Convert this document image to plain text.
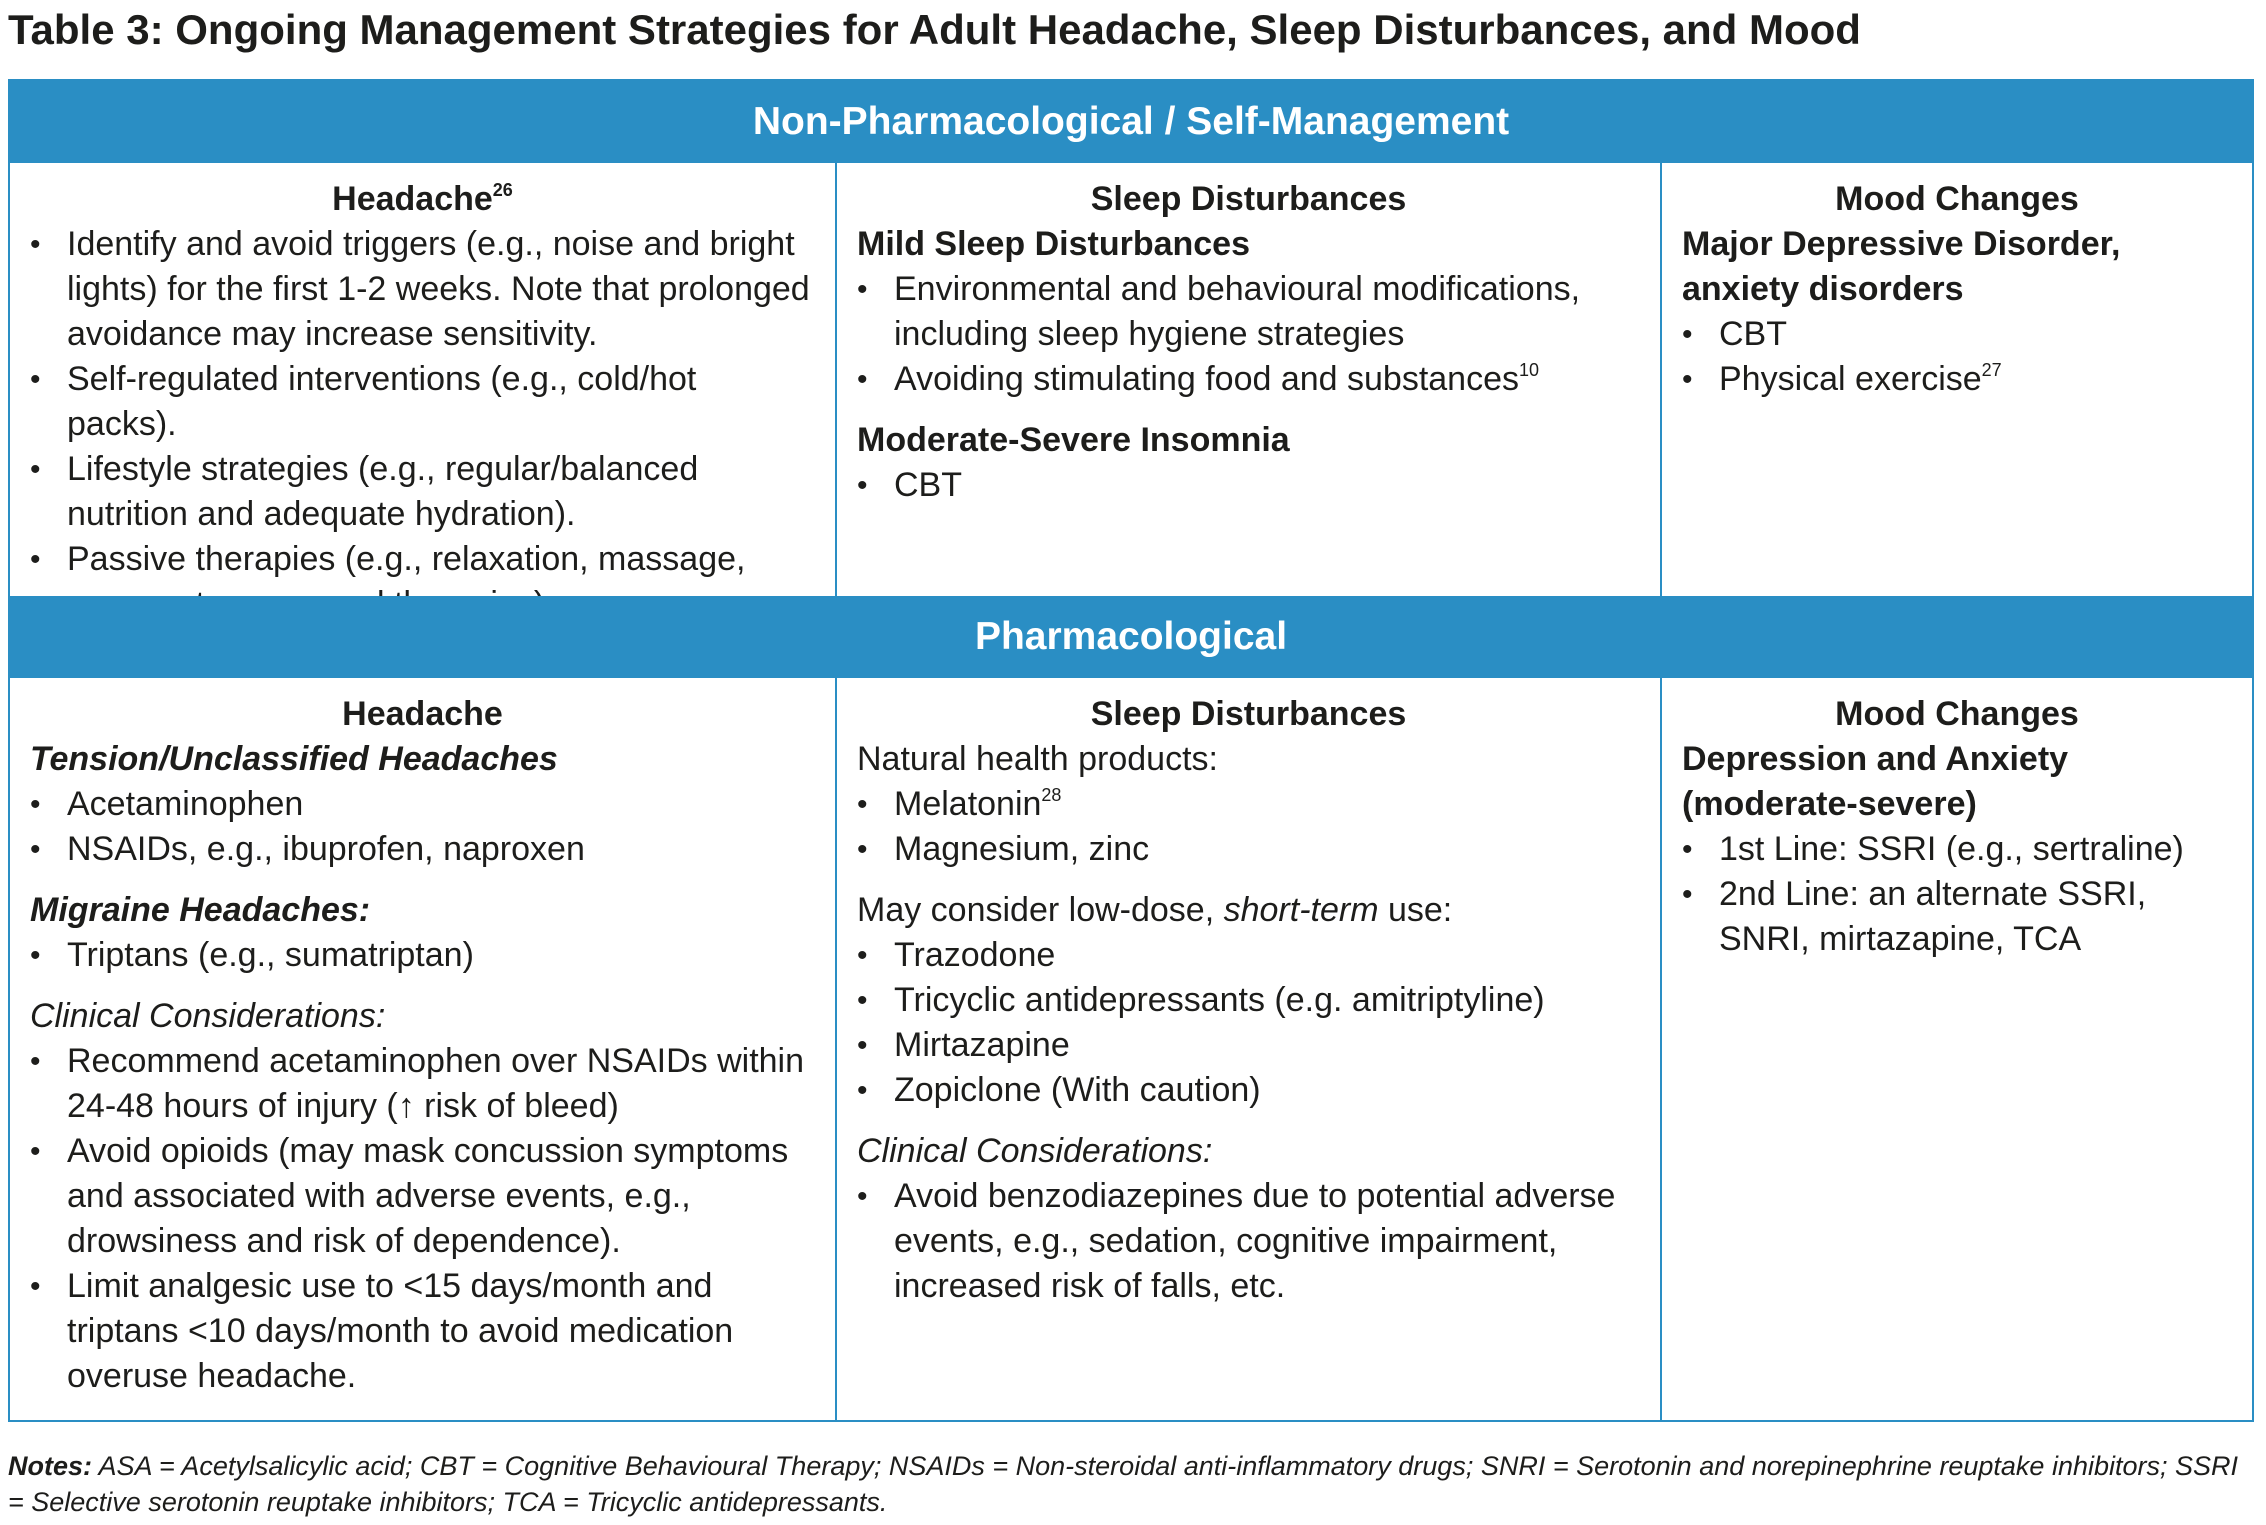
Table 3: Ongoing Management Strategies for Adult Headache, Sleep Disturbances, and Mood
Non-Pharmacological / Self-Management
Headache$^{26}$
• Identify and avoid triggers (e.g., noise and bright lights) for the first 1-2 weeks. Note that prolonged avoidance may increase sensitivity.
• Self-regulated interventions (e.g., cold/hot packs).
• Lifestyle strategies (e.g., regular/balanced nutrition and adequate hydration).
• Passive therapies (e.g., relaxation, massage,
Sleep Disturbances
Mild Sleep Disturbances
• Environmental and behavioural modifications, including sleep hygiene strategies
• Avoiding stimulating food and substances$^{10}$
Moderate-Severe Insomnia
• CBT
Mood Changes
Major Depressive Disorder, anxiety disorders
• CBT
• Physical exercise$^{27}$
Pharmacological
Headache
Tension/Unclassified Headaches
• Acetaminophen
• NSAIDs, e.g., ibuprofen, naproxen
Migraine Headaches:
• Triptans (e.g., sumatriptan)
Clinical Considerations:
• Recommend acetaminophen over NSAIDs within 24-48 hours of injury (↑ risk of bleed)
• Avoid opioids (may mask concussion symptoms and associated with adverse events, e.g., drowsiness and risk of dependence).
• Limit analgesic use to <15 days/month and triptans <10 days/month to avoid medication overuse headache.
Sleep Disturbances
Natural health products:
• Melatonin$^{28}$
• Magnesium, zinc
May consider low-dose, short-term use:
• Trazodone
• Tricyclic antidepressants (e.g. amitriptyline)
• Mirtazapine
• Zopiclone (With caution)
Clinical Considerations:
• Avoid benzodiazepines due to potential adverse events, e.g., sedation, cognitive impairment, increased risk of falls, etc.
Mood Changes
Depression and Anxiety (moderate-severe)
• 1st Line: SSRI (e.g., sertraline)
• 2nd Line: an alternate SSRI, SNRI, mirtazapine, TCA
Notes: ASA = Acetylsalicylic acid; CBT = Cognitive Behavioural Therapy; NSAIDs = Non-steroidal anti-inflammatory drugs; SNRI = Serotonin and norepinephrine reuptake inhibitors; SSRI = Selective serotonin reuptake inhibitors; TCA = Tricyclic antidepressants.
